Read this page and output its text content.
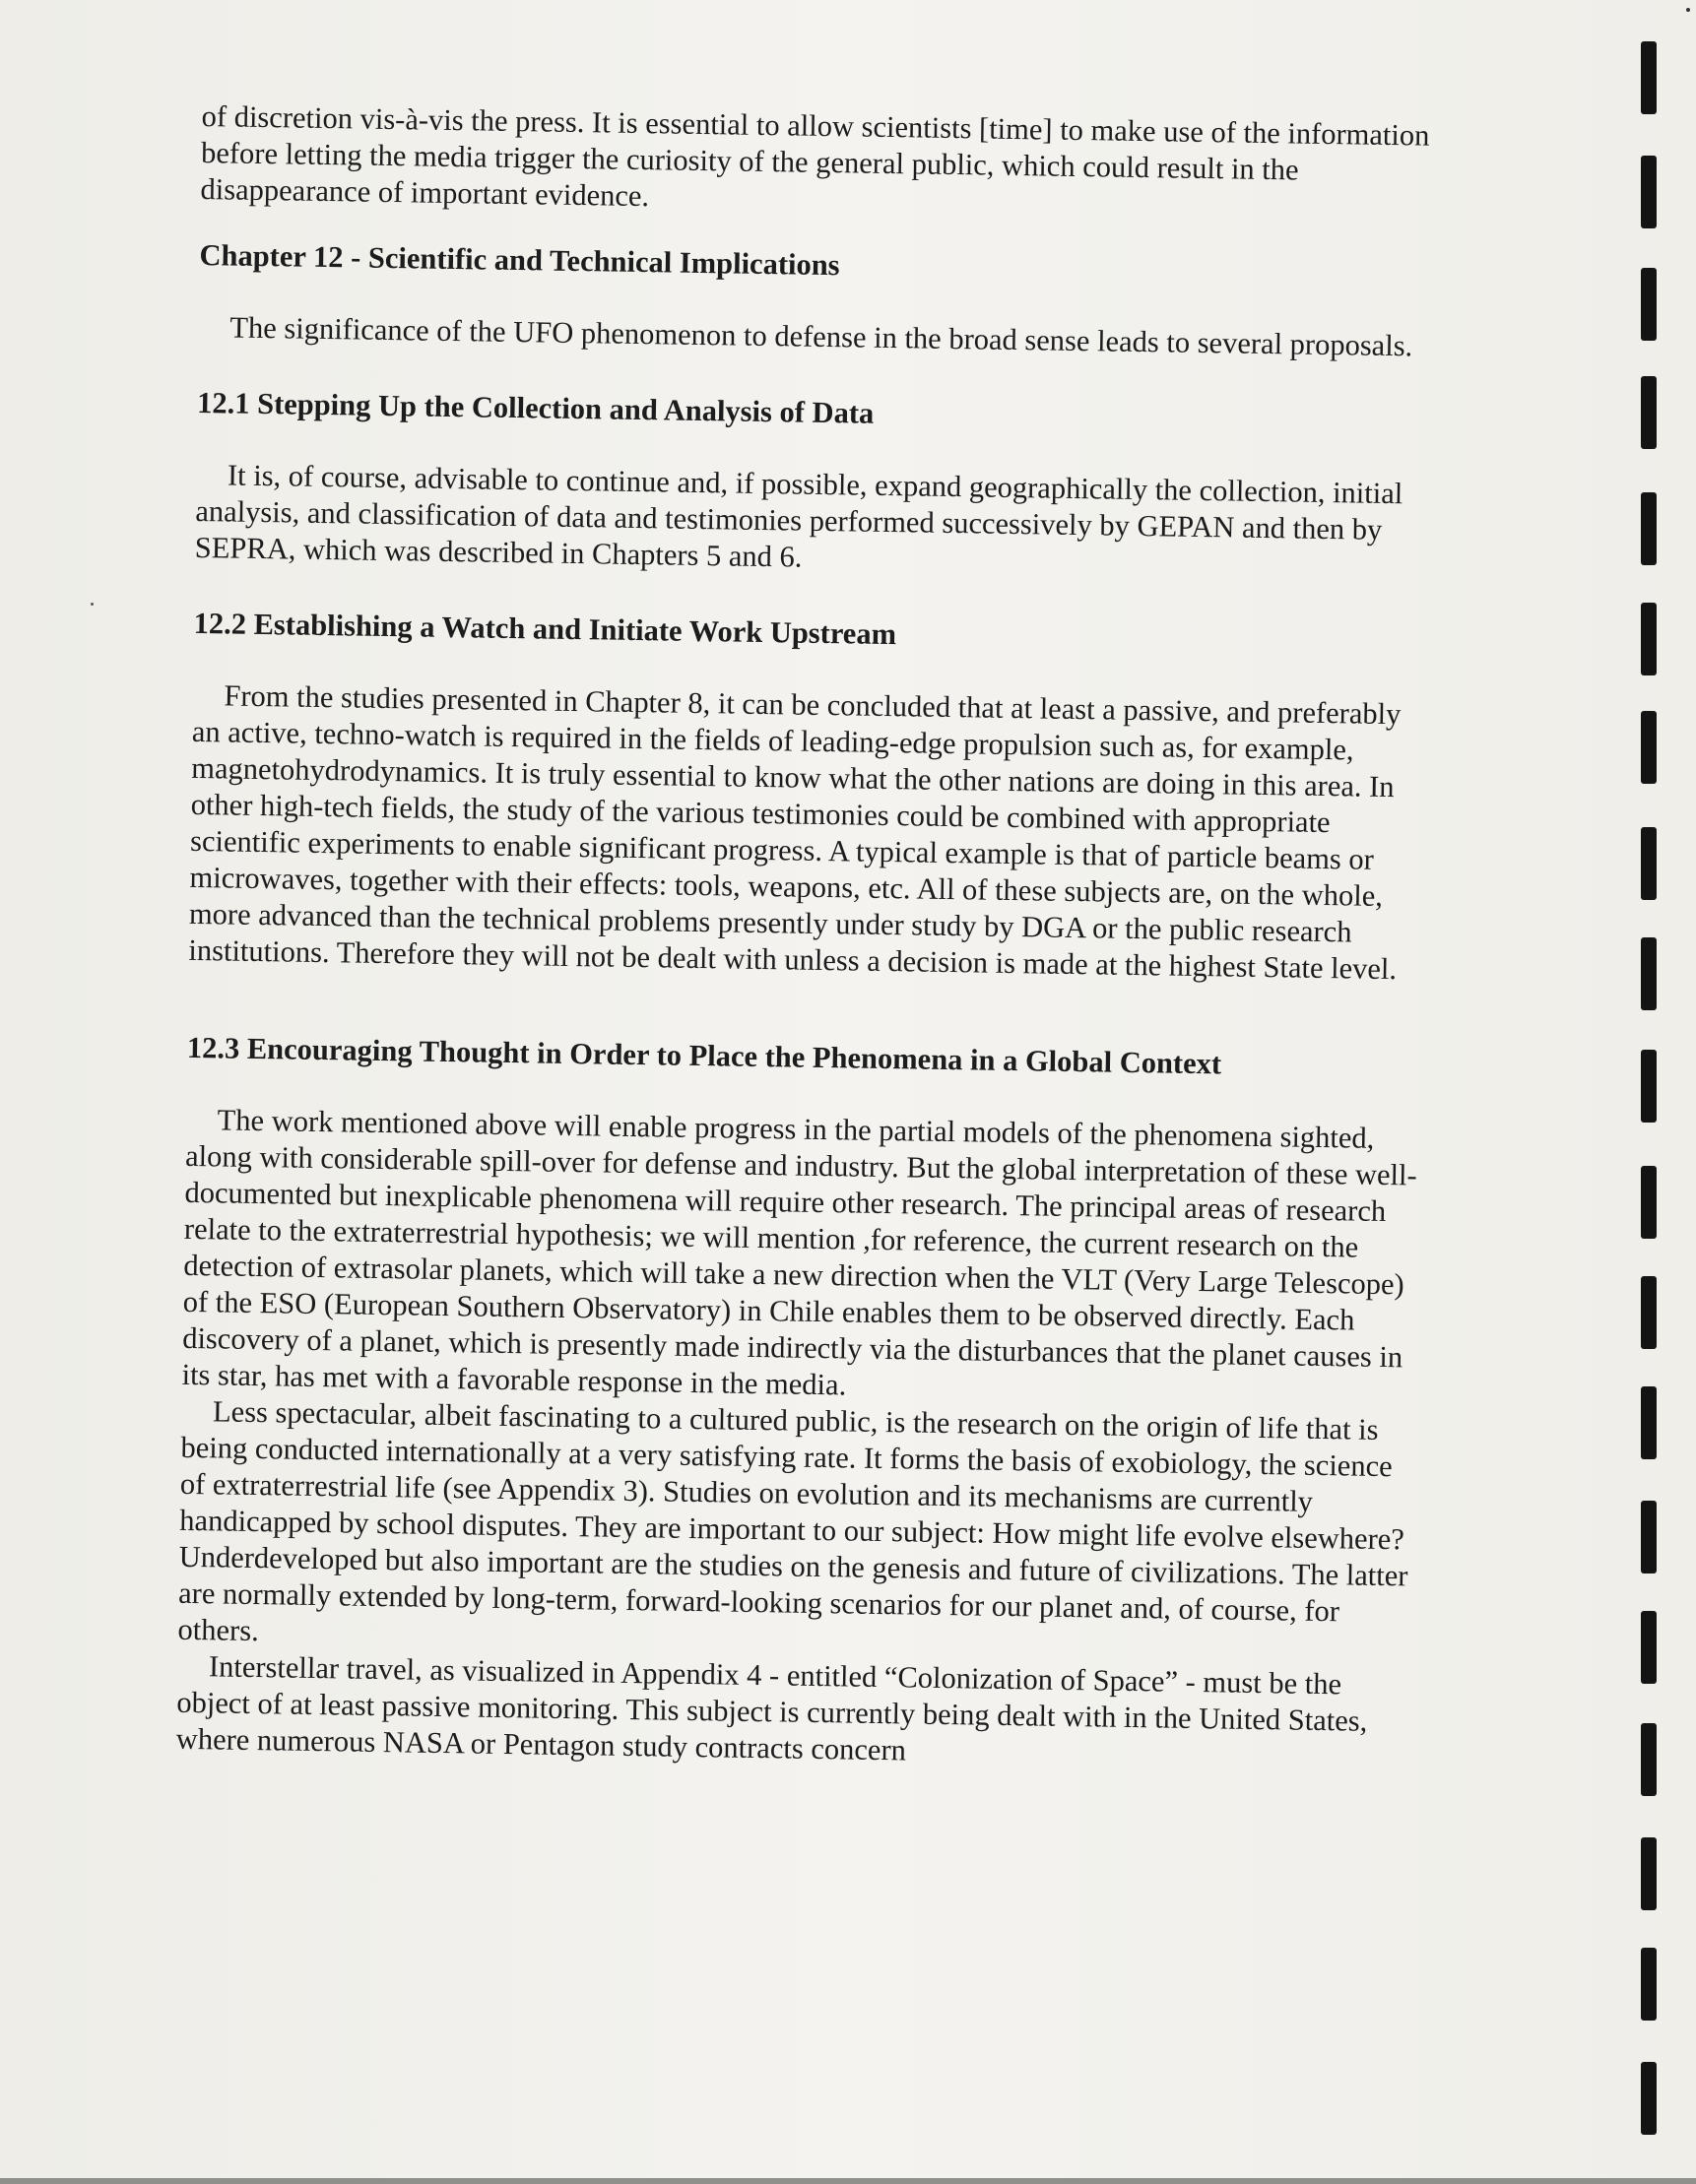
of discretion vis-à-vis the press. It is essential to allow scientists [time] to make use of the information before letting the media trigger the curiosity of the general public, which could result in the disappearance of important evidence.

Chapter 12 - Scientific and Technical Implications

The significance of the UFO phenomenon to defense in the broad sense leads to several proposals.

12.1 Stepping Up the Collection and Analysis of Data

It is, of course, advisable to continue and, if possible, expand geographically the collection, initial analysis, and classification of data and testimonies performed successively by GEPAN and then by SEPRA, which was described in Chapters 5 and 6.

12.2 Establishing a Watch and Initiate Work Upstream

From the studies presented in Chapter 8, it can be concluded that at least a passive, and preferably an active, techno-watch is required in the fields of leading-edge propulsion such as, for example, magnetohydrodynamics. It is truly essential to know what the other nations are doing in this area. In other high-tech fields, the study of the various testimonies could be combined with appropriate scientific experiments to enable significant progress. A typical example is that of particle beams or microwaves, together with their effects: tools, weapons, etc. All of these subjects are, on the whole, more advanced than the technical problems presently under study by DGA or the public research institutions. Therefore they will not be dealt with unless a decision is made at the highest State level.

12.3 Encouraging Thought in Order to Place the Phenomena in a Global Context

The work mentioned above will enable progress in the partial models of the phenomena sighted, along with considerable spill-over for defense and industry. But the global interpretation of these well-documented but inexplicable phenomena will require other research. The principal areas of research relate to the extraterrestrial hypothesis; we will mention ,for reference, the current research on the detection of extrasolar planets, which will take a new direction when the VLT (Very Large Telescope) of the ESO (European Southern Observatory) in Chile enables them to be observed directly. Each discovery of a planet, which is presently made indirectly via the disturbances that the planet causes in its star, has met with a favorable response in the media.

Less spectacular, albeit fascinating to a cultured public, is the research on the origin of life that is being conducted internationally at a very satisfying rate. It forms the basis of exobiology, the science of extraterrestrial life (see Appendix 3). Studies on evolution and its mechanisms are currently handicapped by school disputes. They are important to our subject: How might life evolve elsewhere? Underdeveloped but also important are the studies on the genesis and future of civilizations. The latter are normally extended by long-term, forward-looking scenarios for our planet and, of course, for others.

Interstellar travel, as visualized in Appendix 4 - entitled “Colonization of Space” - must be the object of at least passive monitoring. This subject is currently being dealt with in the United States, where numerous NASA or Pentagon study contracts concern
